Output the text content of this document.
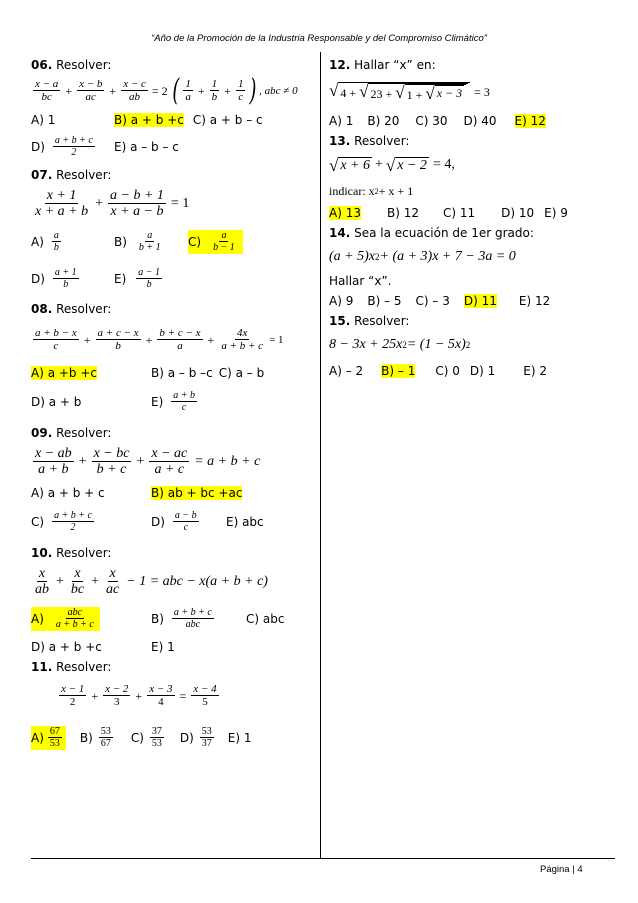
“Año de la Promoción de la Industria Responsable y del Compromiso Climático”
06. Resolver:
$\frac{x - a}{bc} + \frac{x - b}{ac} + \frac{x - c}{ab} = 2$ ( $\frac{1}{a} + \frac{1}{b} + \frac{1}{c}$ ) , abc ≠ 0
A) 1	B) a + b +c C) a + b – c
$D) \frac{a + b + c}{2} E$) a – b – c
07. Resolver:
$\frac{x + 1}{x + a + b} + \frac{a - b + 1}{x + a - b} = 1$
$A) \frac{a}{b}$	$B) \frac{a}{b + 1} C) \frac{a}{b - 1}$
$D) \frac{a + 1}{b}$	$E) \frac{a - 1}{b}$
08. Resolver:
$\frac{a + b - x}{c} + \frac{a + c - x}{b} + \frac{b + c - x}{a} + \frac{4x}{a + b + c} = 1$
A) a +b +c	B) a – b –c C) a – b
D) a + b	$E) \frac{a + b}{c}$
09. Resolver:
$\frac{x - ab}{a + b} + \frac{x - bc}{b + c} + \frac{x - ac}{a + c} = a + b + c$
A) a + b + c	B) ab + bc +ac
$C) \frac{a + b + c}{2}$	$D) \frac{a - b}{c} E$) abc
10. Resolver:
$\frac{x}{ab} + \frac{x}{bc} + \frac{x}{ac} - 1$ = abc − x(a + b + c)
$A) \frac{\text{abc}}{a + b + c}$	$B) \frac{a + b + c}{\text{abc}}$	C) abc
D) a + b +c	E) 1
11. Resolver:
$\frac{x - 1}{2} + \frac{x - 2}{3} + \frac{x - 3}{4} = \frac{x - 4}{5}$
$A) \frac{67}{53} B) \frac{53}{67} C) \frac{37}{53} D) \frac{53}{37} E$) 1
12. Hallar “x” en:
√ 4 + √ 23 + √ 1 + √ x − 3 = 3
A) 1 B) 20 C) 30 D) 40 E) 12
13. Resolver:
√ x + 6 + √ x − 2 = 4,
indicar: x 2 + x + 1
A) 13 B) 12 C) 11 D) 10 E) 9
14. Sea la ecuación de 1er grado:
(a + 5)x 2 + (a + 3)x + 7 − 3a = 0
Hallar “x”.
A) 9 B) – 5 C) – 3 D) 11 E) 12
15. Resolver:
8 − 3x + 25x 2 = (1 − 5x) 2
A) – 2 B) – 1 C) 0 D) 1 E) 2
Página | 4
